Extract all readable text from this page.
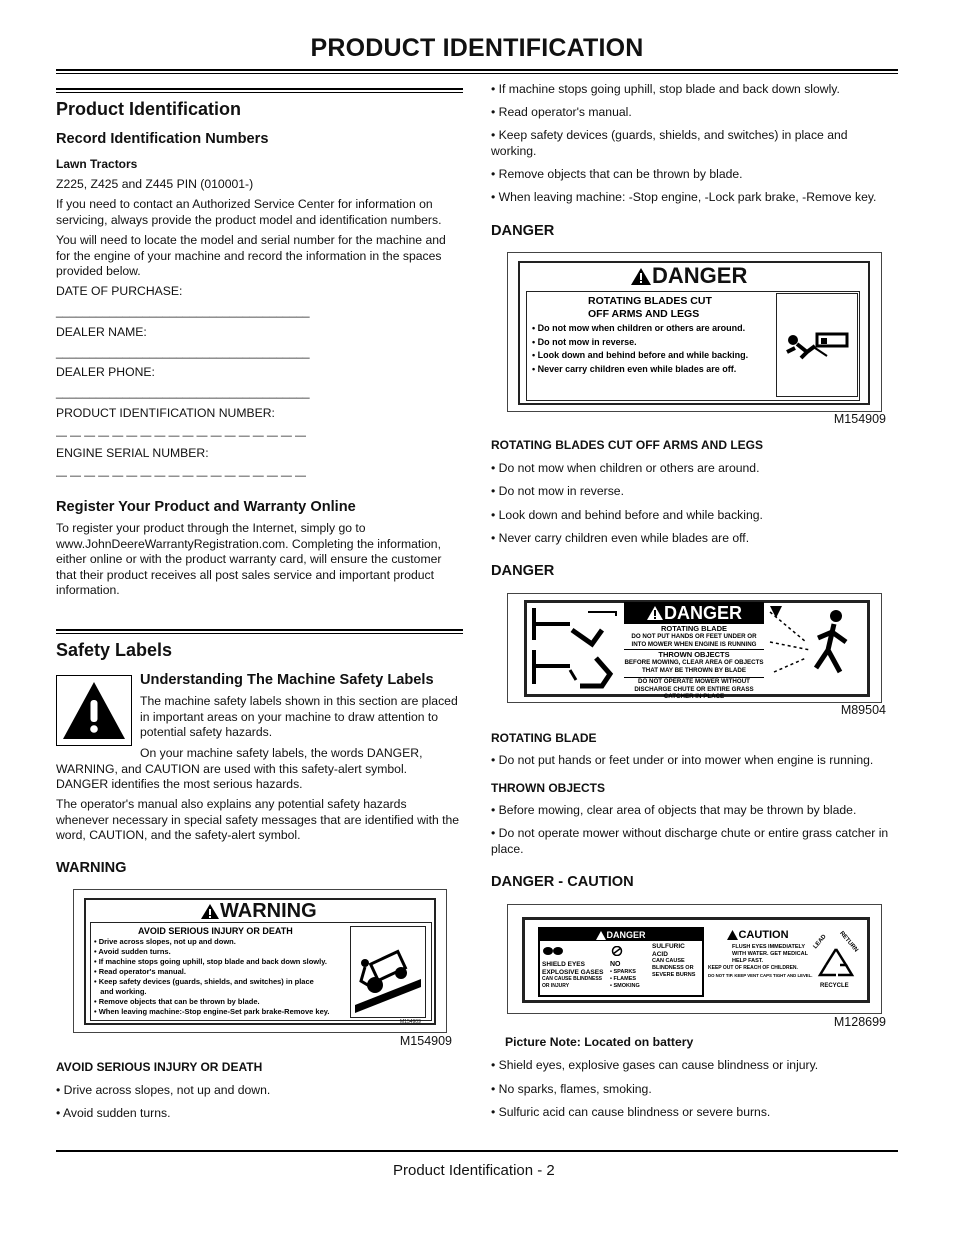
PRODUCT IDENTIFICATION
Product Identification
Record Identification Numbers
Lawn Tractors
Z225, Z425 and Z445 PIN (010001-)
If you need to contact an Authorized Service Center for information on servicing, always provide the product model and identification numbers.
You will need to locate the model and serial number for the machine and for the engine of your machine and record the information in the spaces provided below.
DATE OF PURCHASE:
______________________________________
DEALER NAME:
______________________________________
DEALER PHONE:
______________________________________
PRODUCT IDENTIFICATION NUMBER:
— — — — — — — — — — — — — — — — — —
ENGINE SERIAL NUMBER:
— — — — — — — — — — — — — — — — — —
Register Your Product and Warranty Online
To register your product through the Internet, simply go to www.JohnDeereWarrantyRegistration.com. Completing the information, either online or with the product warranty card, will ensure the customer that their product receives all post sales service and important product information.
Safety Labels
Understanding The Machine Safety Labels
The machine safety labels shown in this section are placed in important areas on your machine to draw attention to potential safety hazards.
On your machine safety labels, the words DANGER, WARNING, and CAUTION are used with this safety-alert symbol. DANGER identifies the most serious hazards.
The operator's manual also explains any potential safety hazards whenever necessary in special safety messages that are identified with the word, CAUTION, and the safety-alert symbol.
WARNING
WARNING
AVOID SERIOUS INJURY OR DEATH
• Drive across slopes, not up and down.
• Avoid sudden turns.
• If machine stops going uphill, stop blade and back down slowly.
• Read operator's manual.
• Keep safety devices (guards, shields, and switches) in place
and working.
• Remove objects that can be thrown by blade.
• When leaving machine:-Stop engine-Set park brake-Remove key.
M154909
M154909
AVOID SERIOUS INJURY OR DEATH
• Drive across slopes, not up and down.
• Avoid sudden turns.
• If machine stops going uphill, stop blade and back down slowly.
• Read operator's manual.
• Keep safety devices (guards, shields, and switches) in place and working.
• Remove objects that can be thrown by blade.
• When leaving machine: -Stop engine, -Lock park brake, -Remove key.
DANGER
DANGER
ROTATING BLADES CUT
OFF ARMS AND LEGS
• Do not mow when children or others are around.
• Do not mow in reverse.
• Look down and behind before and while backing.
• Never carry children even while blades are off.
M154909
ROTATING BLADES CUT OFF ARMS AND LEGS
• Do not mow when children or others are around.
• Do not mow in reverse.
• Look down and behind before and while backing.
• Never carry children even while blades are off.
DANGER
DANGER
ROTATING BLADE
DO NOT PUT HANDS OR FEET UNDER OR
INTO MOWER WHEN ENGINE IS RUNNING
THROWN OBJECTS
BEFORE MOWING, CLEAR AREA OF OBJECTS
THAT MAY BE THROWN BY BLADE
DO NOT OPERATE MOWER WITHOUT
DISCHARGE CHUTE OR ENTIRE GRASS
CATCHER IN PLACE
M89504
ROTATING BLADE
• Do not put hands or feet under or into mower when engine is running.
THROWN OBJECTS
• Before mowing, clear area of objects that may be thrown by blade.
• Do not operate mower without discharge chute or entire grass catcher in place.
DANGER - CAUTION
DANGER
SHIELD EYES
EXPLOSIVE GASES
CAN CAUSE BLINDNESS
OR INJURY
NO
• SPARKS
• FLAMES
• SMOKING
SULFURIC
ACID
CAN CAUSE
BLINDNESS OR
SEVERE BURNS
CAUTION
FLUSH EYES IMMEDIATELY
WITH WATER. GET MEDICAL
HELP FAST.
KEEP OUT OF REACH OF CHILDREN.
DO NOT TIP. KEEP VENT CAPS TIGHT AND LEVEL.
LEAD RETURN
RECYCLE
M128699
Picture Note: Located on battery
• Shield eyes, explosive gases can cause blindness or injury.
• No sparks, flames, smoking.
• Sulfuric acid can cause blindness or severe burns.
Product Identification - 2
